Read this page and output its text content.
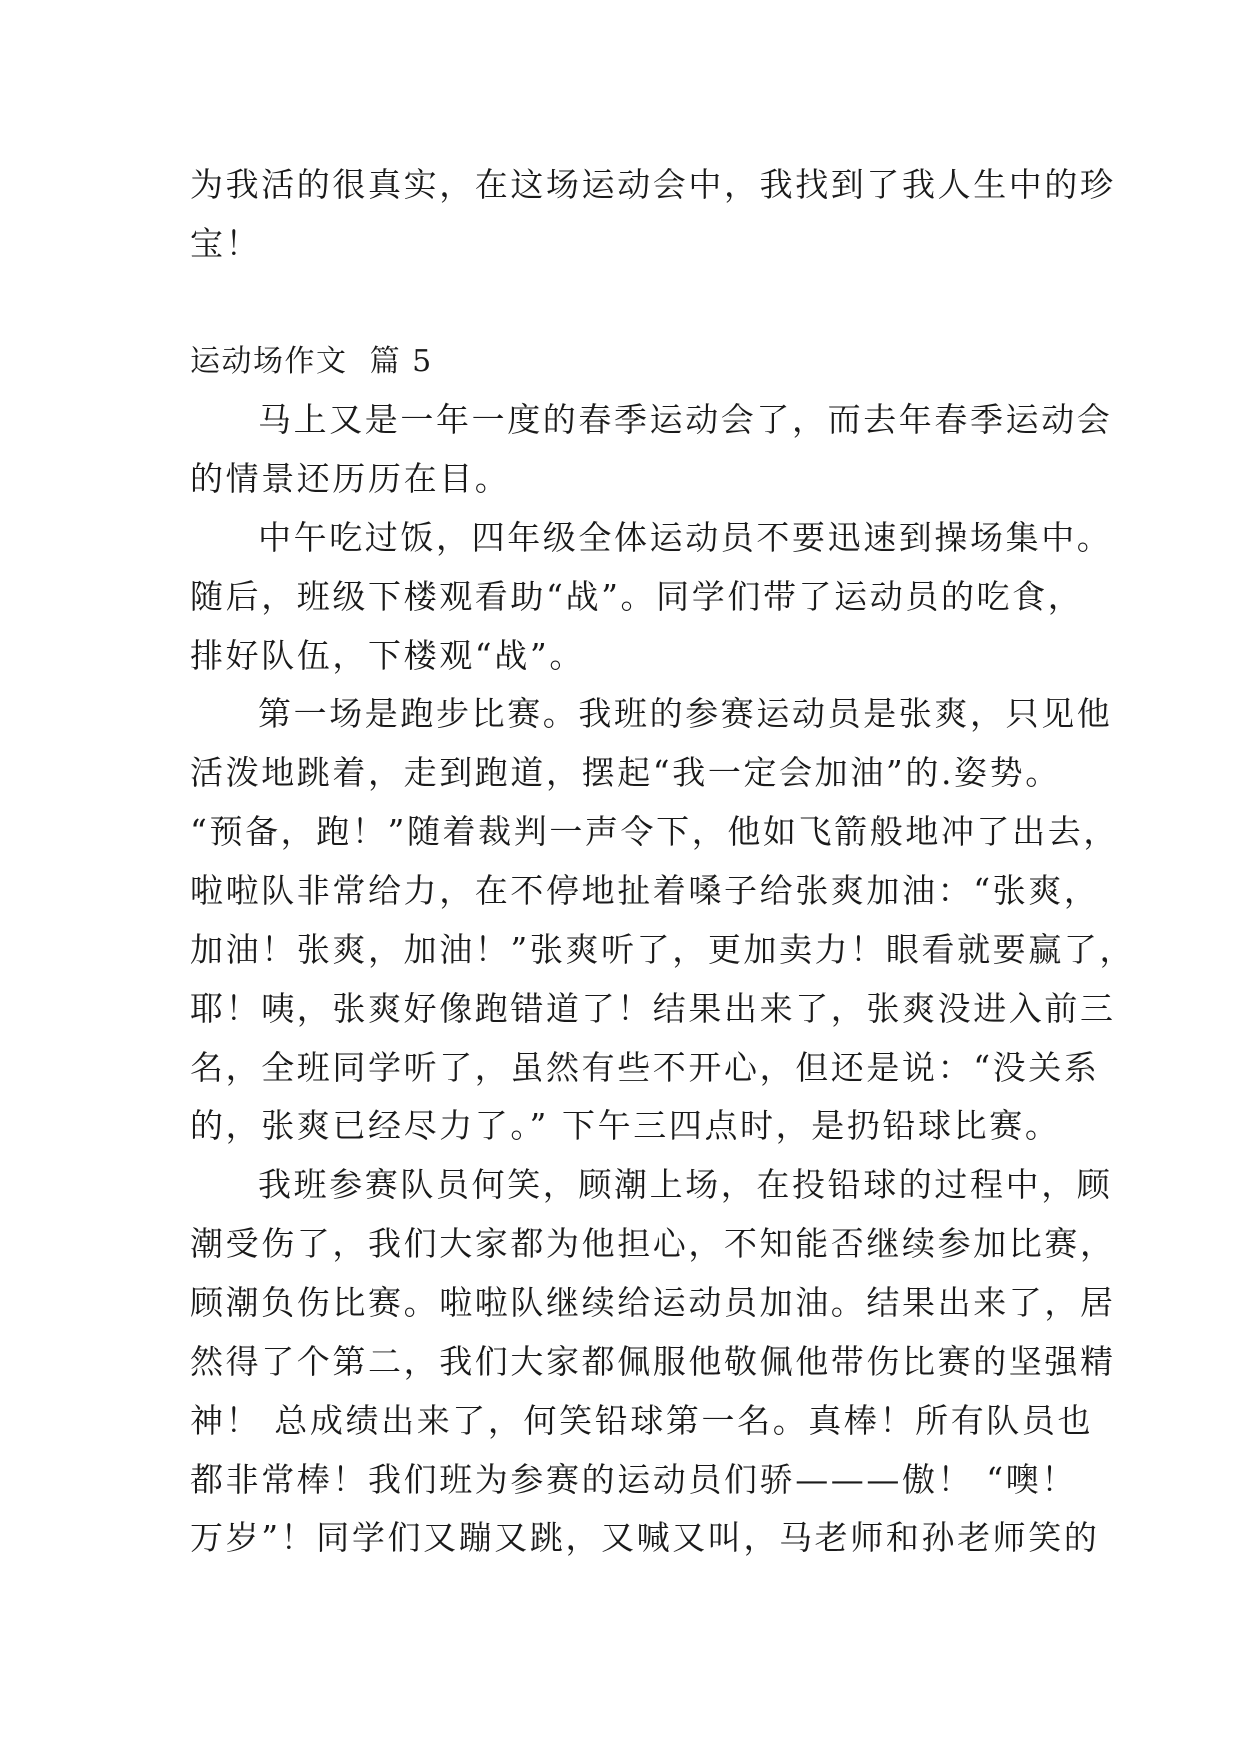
为我活的很真实，在这场运动会中，我找到了我人生中的珍
宝！
运动场作文  篇 5
马上又是一年一度的春季运动会了，而去年春季运动会
的情景还历历在目。
中午吃过饭，四年级全体运动员不要迅速到操场集中。
随后，班级下楼观看助“战”。同学们带了运动员的吃食，
排好队伍，下楼观“战”。
第一场是跑步比赛。我班的参赛运动员是张爽，只见他
活泼地跳着，走到跑道，摆起“我一定会加油”的.姿势。
“预备，跑！”随着裁判一声令下，他如飞箭般地冲了出去，
啦啦队非常给力，在不停地扯着嗓子给张爽加油：“张爽，
加油！张爽，加油！”张爽听了，更加卖力！眼看就要赢了，
耶！咦，张爽好像跑错道了！结果出来了，张爽没进入前三
名，全班同学听了，虽然有些不开心，但还是说：“没关系
的，张爽已经尽力了。” 下午三四点时，是扔铅球比赛。
我班参赛队员何笑，顾潮上场，在投铅球的过程中，顾
潮受伤了，我们大家都为他担心，不知能否继续参加比赛，
顾潮负伤比赛。啦啦队继续给运动员加油。结果出来了，居
然得了个第二，我们大家都佩服他敬佩他带伤比赛的坚强精
神！ 总成绩出来了，何笑铅球第一名。真棒！所有队员也
都非常棒！我们班为参赛的运动员们骄———傲！ “噢！
万岁”！同学们又蹦又跳，又喊又叫，马老师和孙老师笑的
